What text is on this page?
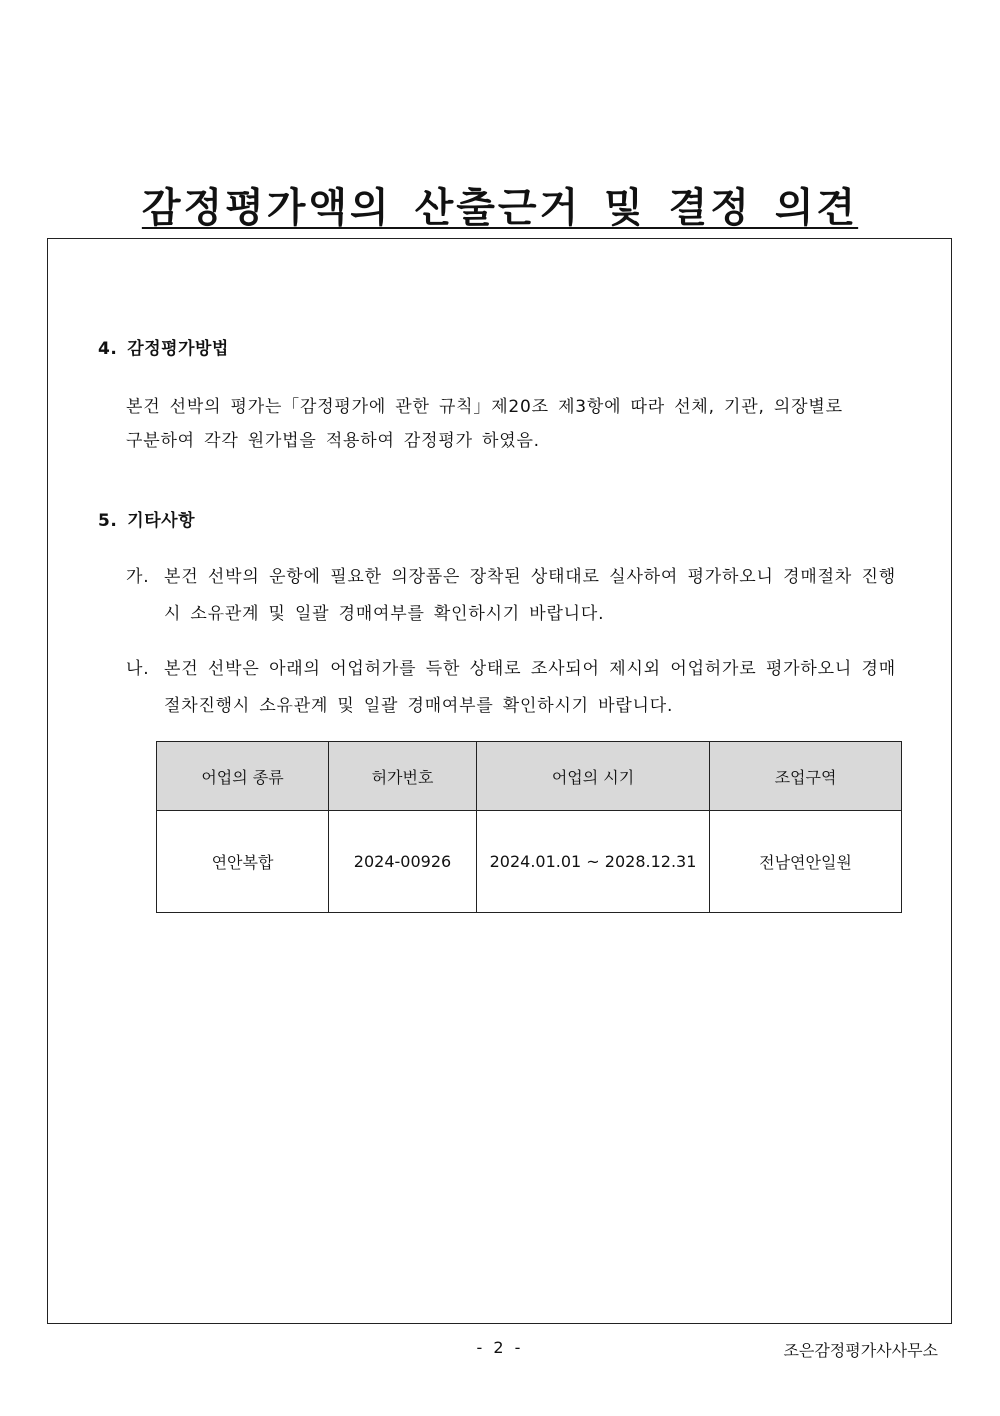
감정평가액의 산출근거 및 결정 의견
4. 감정평가방법
본건 선박의 평가는「감정평가에 관한 규칙」제20조 제3항에 따라 선체, 기관, 의장별로
구분하여 각각 원가법을 적용하여 감정평가 하였음.
5. 기타사항
가. 본건 선박의 운항에 필요한 의장품은 장착된 상태대로 실사하여 평가하오니 경매절차 진행시 소유관계 및 일괄 경매여부를 확인하시기 바랍니다.
나. 본건 선박은 아래의 어업허가를 득한 상태로 조사되어 제시외 어업허가로 평가하오니 경매절차진행시 소유관계 및 일괄 경매여부를 확인하시기 바랍니다.
어업의 종류	허가번호	어업의 시기	조업구역
연안복합	2024-00926	2024.01.01 ~ 2028.12.31	전남연안일원
- 2 -	조은감정평가사사무소
